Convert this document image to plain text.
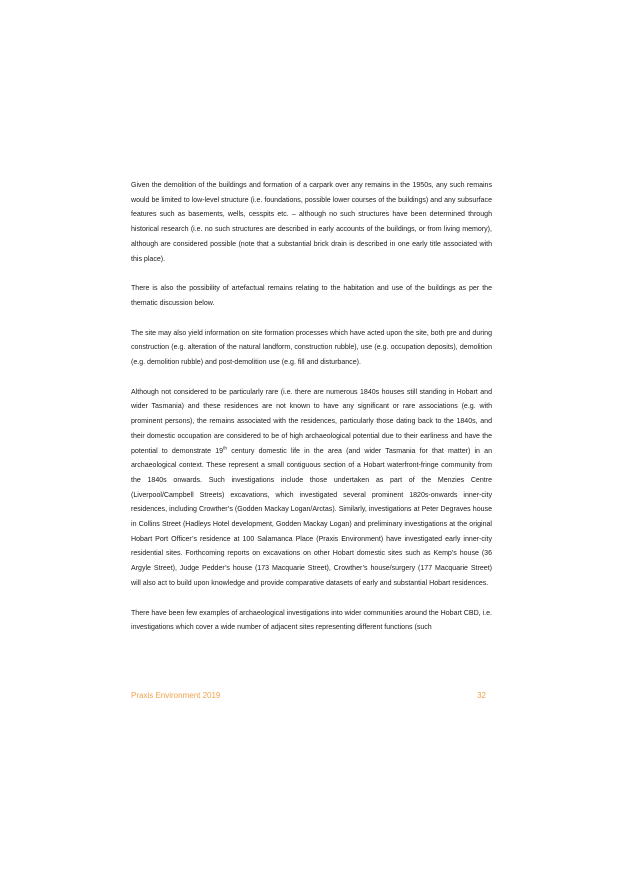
Given the demolition of the buildings and formation of a carpark over any remains in the 1950s, any such remains would be limited to low-level structure (i.e. foundations, possible lower courses of the buildings) and any subsurface features such as basements, wells, cesspits etc. – although no such structures have been determined through historical research (i.e. no such structures are described in early accounts of the buildings, or from living memory), although are considered possible (note that a substantial brick drain is described in one early title associated with this place).

There is also the possibility of artefactual remains relating to the habitation and use of the buildings as per the thematic discussion below.

The site may also yield information on site formation processes which have acted upon the site, both pre and during construction (e.g. alteration of the natural landform, construction rubble), use (e.g. occupation deposits), demolition (e.g. demolition rubble) and post-demolition use (e.g. fill and disturbance).

Although not considered to be particularly rare (i.e. there are numerous 1840s houses still standing in Hobart and wider Tasmania) and these residences are not known to have any significant or rare associations (e.g. with prominent persons), the remains associated with the residences, particularly those dating back to the 1840s, and their domestic occupation are considered to be of high archaeological potential due to their earliness and have the potential to demonstrate 19th century domestic life in the area (and wider Tasmania for that matter) in an archaeological context. These represent a small contiguous section of a Hobart waterfront-fringe community from the 1840s onwards. Such investigations include those undertaken as part of the Menzies Centre (Liverpool/Campbell Streets) excavations, which investigated several prominent 1820s-onwards inner-city residences, including Crowther’s (Godden Mackay Logan/Arctas). Similarly, investigations at Peter Degraves house in Collins Street (Hadleys Hotel development, Godden Mackay Logan) and preliminary investigations at the original Hobart Port Officer’s residence at 100 Salamanca Place (Praxis Environment) have investigated early inner-city residential sites. Forthcoming reports on excavations on other Hobart domestic sites such as Kemp’s house (36 Argyle Street), Judge Pedder’s house (173 Macquarie Street), Crowther’s house/surgery (177 Macquarie Street) will also act to build upon knowledge and provide comparative datasets of early and substantial Hobart residences.

There have been few examples of archaeological investigations into wider communities around the Hobart CBD, i.e. investigations which cover a wide number of adjacent sites representing different functions (such

Praxis Environment 2019	32
